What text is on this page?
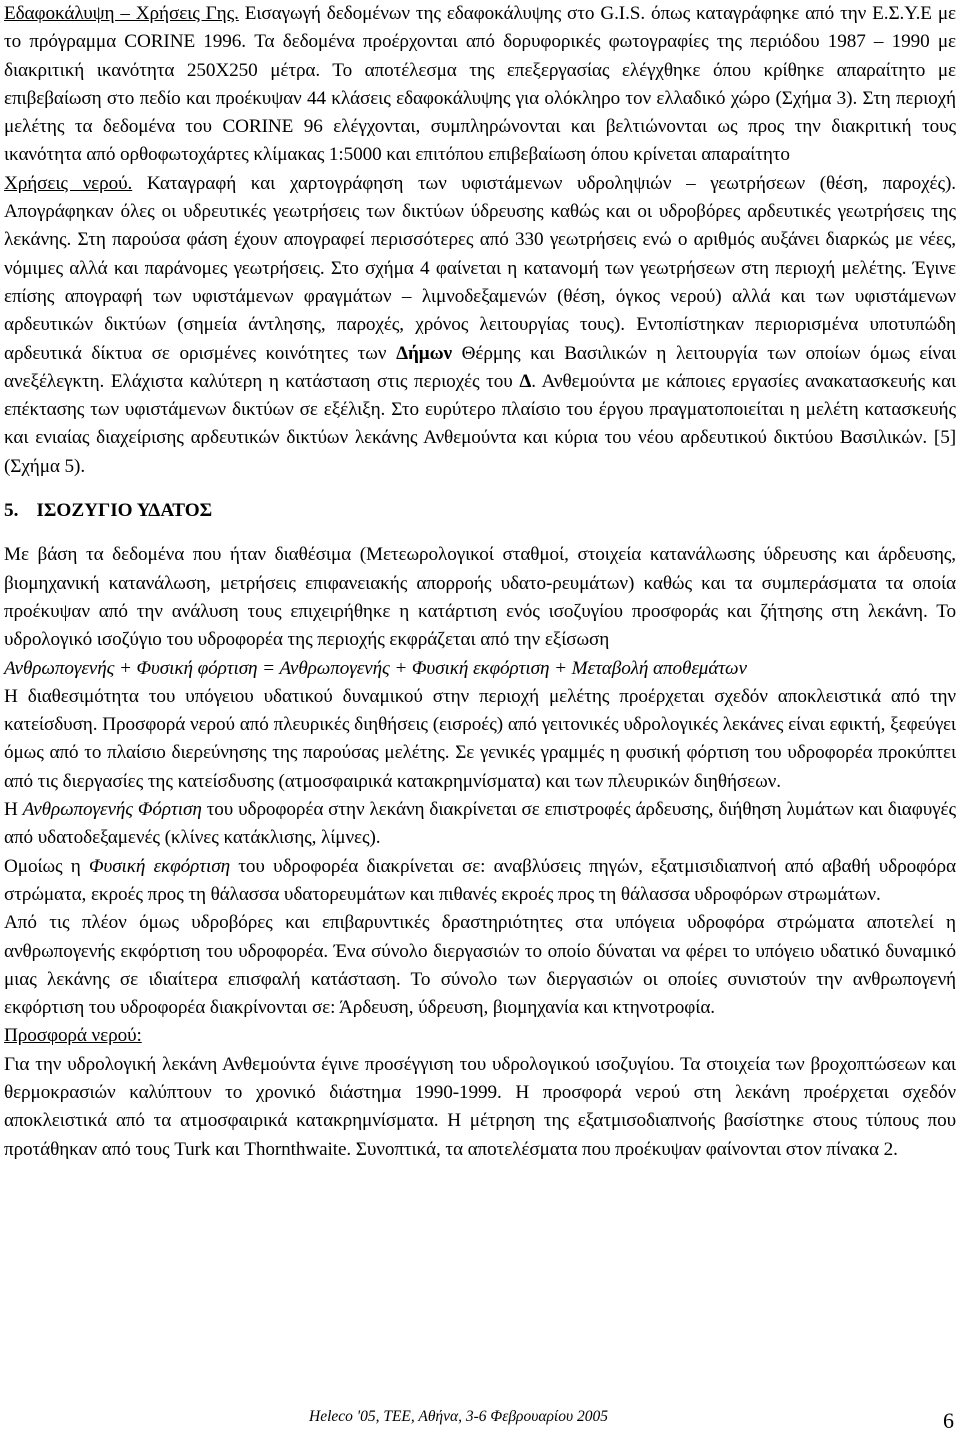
Εδαφοκάλυψη – Χρήσεις Γης. Εισαγωγή δεδομένων της εδαφοκάλυψης στο G.I.S. όπως καταγράφηκε από την Ε.Σ.Υ.Ε με το πρόγραμμα CORINE 1996. Τα δεδομένα προέρχονται από δορυφορικές φωτογραφίες της περιόδου 1987 – 1990 με διακριτική ικανότητα 250Χ250 μέτρα. Το αποτέλεσμα της επεξεργασίας ελέγχθηκε όπου κρίθηκε απαραίτητο με επιβεβαίωση στο πεδίο και προέκυψαν 44 κλάσεις εδαφοκάλυψης για ολόκληρο τον ελλαδικό χώρο (Σχήμα 3). Στη περιοχή μελέτης τα δεδομένα του CORINE 96 ελέγχονται, συμπληρώνονται και βελτιώνονται ως προς την διακριτική τους ικανότητα από ορθοφωτοχάρτες κλίμακας 1:5000 και επιτόπου επιβεβαίωση όπου κρίνεται απαραίτητο

Χρήσεις νερού. Καταγραφή και χαρτογράφηση των υφιστάμενων υδροληψιών – γεωτρήσεων (θέση, παροχές). Απογράφηκαν όλες οι υδρευτικές γεωτρήσεις των δικτύων ύδρευσης καθώς και οι υδροβόρες αρδευτικές γεωτρήσεις της λεκάνης. Στη παρούσα φάση έχουν απογραφεί περισσότερες από 330 γεωτρήσεις ενώ ο αριθμός αυξάνει διαρκώς με νέες, νόμιμες αλλά και παράνομες γεωτρήσεις. Στο σχήμα 4 φαίνεται η κατανομή των γεωτρήσεων στη περιοχή μελέτης. Έγινε επίσης απογραφή των υφιστάμενων φραγμάτων – λιμνοδεξαμενών (θέση, όγκος νερού) αλλά και των υφιστάμενων αρδευτικών δικτύων (σημεία άντλησης, παροχές, χρόνος λειτουργίας τους). Εντοπίστηκαν περιορισμένα υποτυπώδη αρδευτικά δίκτυα σε ορισμένες κοινότητες των Δήμων Θέρμης και Βασιλικών η λειτουργία των οποίων όμως είναι ανεξέλεγκτη. Ελάχιστα καλύτερη η κατάσταση στις περιοχές του Δ. Ανθεμούντα με κάποιες εργασίες ανακατασκευής και επέκτασης των υφιστάμενων δικτύων σε εξέλιξη. Στο ευρύτερο πλαίσιο του έργου πραγματοποιείται η μελέτη κατασκευής και ενιαίας διαχείρισης αρδευτικών δικτύων λεκάνης Ανθεμούντα και κύρια του νέου αρδευτικού δικτύου Βασιλικών. [5](Σχήμα 5).

5. ΙΣΟΖΥΓΙΟ ΥΔΑΤΟΣ

Με βάση τα δεδομένα που ήταν διαθέσιμα (Μετεωρολογικοί σταθμοί, στοιχεία κατανάλωσης ύδρευσης και άρδευσης, βιομηχανική κατανάλωση, μετρήσεις επιφανειακής απορροής υδατο-ρευμάτων) καθώς και τα συμπεράσματα τα οποία προέκυψαν από την ανάλυση τους επιχειρήθηκε η κατάρτιση ενός ισοζυγίου προσφοράς και ζήτησης στη λεκάνη. Το υδρολογικό ισοζύγιο του υδροφορέα της περιοχής εκφράζεται από την εξίσωση

Ανθρωπογενής + Φυσική φόρτιση = Ανθρωπογενής + Φυσική εκφόρτιση + Μεταβολή αποθεμάτων

Η διαθεσιμότητα του υπόγειου υδατικού δυναμικού στην περιοχή μελέτης προέρχεται σχεδόν αποκλειστικά από την κατείσδυση. Προσφορά νερού από πλευρικές διηθήσεις (εισροές) από γειτονικές υδρολογικές λεκάνες είναι εφικτή, ξεφεύγει όμως από το πλαίσιο διερεύνησης της παρούσας μελέτης. Σε γενικές γραμμές η φυσική φόρτιση του υδροφορέα προκύπτει από τις διεργασίες της κατείσδυσης (ατμοσφαιρικά κατακρημνίσματα) και των πλευρικών διηθήσεων.

Η Ανθρωπογενής Φόρτιση του υδροφορέα στην λεκάνη διακρίνεται σε επιστροφές άρδευσης, διήθηση λυμάτων και διαφυγές από υδατοδεξαμενές (κλίνες κατάκλισης, λίμνες).

Ομοίως η Φυσική εκφόρτιση του υδροφορέα διακρίνεται σε: αναβλύσεις πηγών, εξατμισιδιαπνοή από αβαθή υδροφόρα στρώματα, εκροές προς τη θάλασσα υδατορευμάτων και πιθανές εκροές προς τη θάλασσα υδροφόρων στρωμάτων.

Από τις πλέον όμως υδροβόρες και επιβαρυντικές δραστηριότητες στα υπόγεια υδροφόρα στρώματα αποτελεί η ανθρωπογενής εκφόρτιση του υδροφορέα. Ένα σύνολο διεργασιών το οποίο δύναται να φέρει το υπόγειο υδατικό δυναμικό μιας λεκάνης σε ιδιαίτερα επισφαλή κατάσταση. Το σύνολο των διεργασιών οι οποίες συνιστούν την ανθρωπογενή εκφόρτιση του υδροφορέα διακρίνονται σε: Άρδευση, ύδρευση, βιομηχανία και κτηνοτροφία.

Προσφορά νερού:

Για την υδρολογική λεκάνη Ανθεμούντα έγινε προσέγγιση του υδρολογικού ισοζυγίου. Τα στοιχεία των βροχοπτώσεων και θερμοκρασιών καλύπτουν το χρονικό διάστημα 1990-1999. Η προσφορά νερού στη λεκάνη προέρχεται σχεδόν αποκλειστικά από τα ατμοσφαιρικά κατακρημνίσματα. Η μέτρηση της εξατμισοδιαπνοής βασίστηκε στους τύπους που προτάθηκαν από τους Turk και Thornthwaite. Συνοπτικά, τα αποτελέσματα που προέκυψαν φαίνονται στον πίνακα 2.

Heleco '05, ΤΕΕ, Αθήνα, 3-6 Φεβρουαρίου 2005	6
